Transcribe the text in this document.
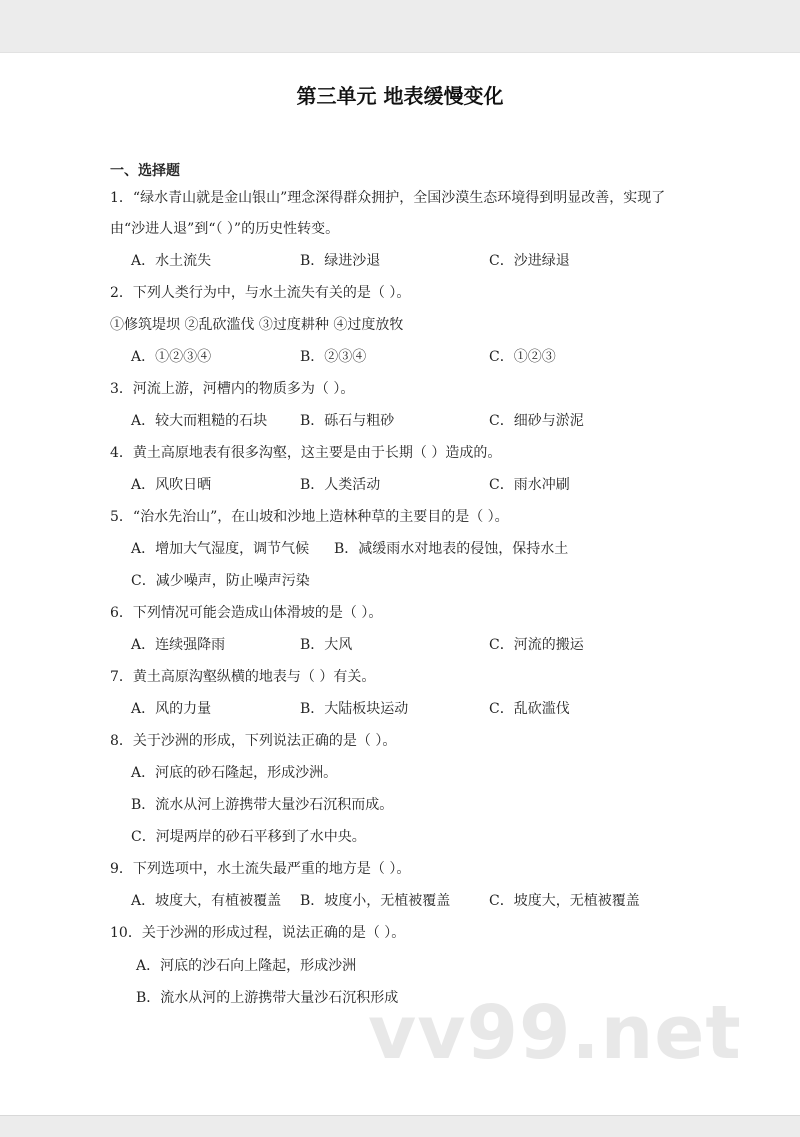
第三单元 地表缓慢变化
一、选择题
1．“绿水青山就是金山银山”理念深得群众拥护，全国沙漠生态环境得到明显改善，实现了
由“沙进人退”到“（ ）”的历史性转变。
A．水土流失	B．绿进沙退	C．沙进绿退
2．下列人类行为中，与水土流失有关的是（ ）。
①修筑堤坝 ②乱砍滥伐 ③过度耕种 ④过度放牧
A．①②③④	B．②③④	C．①②③
3．河流上游，河槽内的物质多为（ ）。
A．较大而粗糙的石块 B．砾石与粗砂	C．细砂与淤泥
4．黄土高原地表有很多沟壑，这主要是由于长期（ ）造成的。
A．风吹日晒	B．人类活动	C．雨水冲刷
5．“治水先治山”，在山坡和沙地上造林种草的主要目的是（ ）。
A．增加大气湿度，调节气候 B．减缓雨水对地表的侵蚀，保持水土
C．减少噪声，防止噪声污染
6．下列情况可能会造成山体滑坡的是（ ）。
A．连续强降雨	B．大风	C．河流的搬运
7．黄土高原沟壑纵横的地表与（ ）有关。
A．风的力量	B．大陆板块运动	C．乱砍滥伐
8．关于沙洲的形成，下列说法正确的是（ ）。
A．河底的砂石隆起，形成沙洲。
B．流水从河上游携带大量沙石沉积而成。
C．河堤两岸的砂石平移到了水中央。
9．下列选项中，水土流失最严重的地方是（ ）。
A．坡度大，有植被覆盖 B．坡度小，无植被覆盖	C．坡度大，无植被覆盖
10．关于沙洲的形成过程，说法正确的是（ ）。
A．河底的沙石向上隆起，形成沙洲
B．流水从河的上游携带大量沙石沉积形成
vv99.net
